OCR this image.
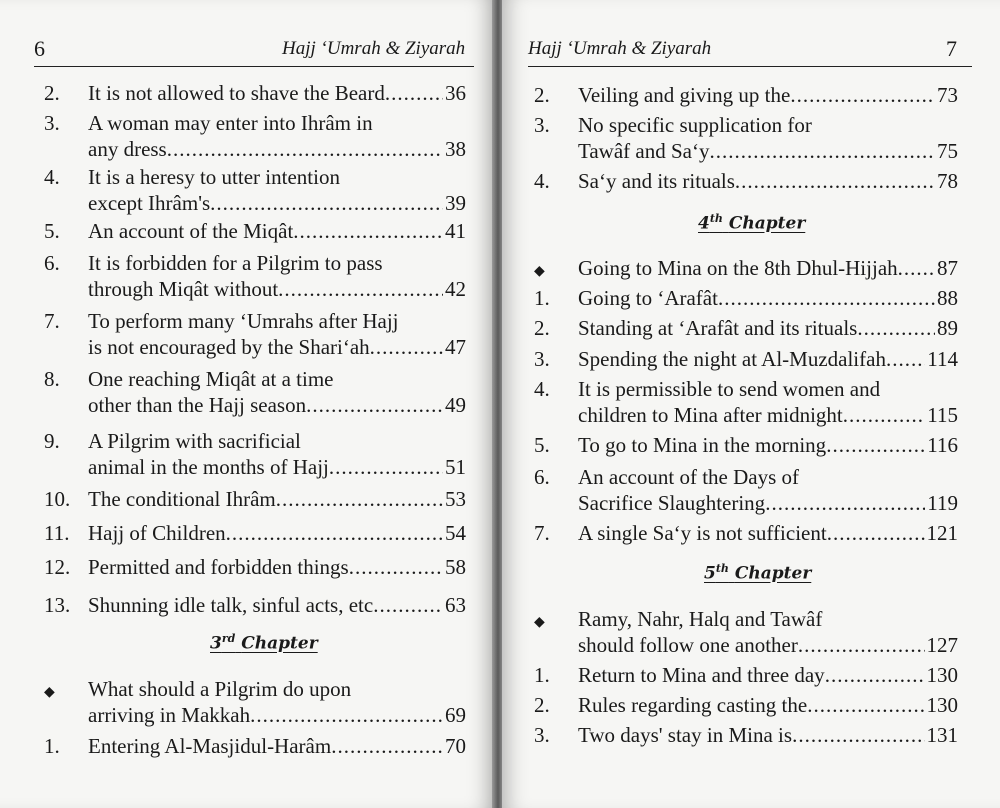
6	Hajj ‘Umrah & Ziyarah
2. It is not allowed to shave the Beard .....	36
3. A woman may enter into Ihrâm in
any dress .....	38
4. It is a heresy to utter intention
except Ihrâm's .....	39
5. An account of the Miqât .....	41
6. It is forbidden for a Pilgrim to pass
through Miqât without .....	42
7. To perform many ‘Umrahs after Hajj
is not encouraged by the Shari‘ah .....	47
8. One reaching Miqât at a time
other than the Hajj season .....	49
9. A Pilgrim with sacrificial
animal in the months of Hajj .....	51
10. The conditional Ihrâm .....	53
11. Hajj of Children .....	54
12. Permitted and forbidden things .....	58
13. Shunning idle talk, sinful acts, etc .....	63
◆ What should a Pilgrim do upon
arriving in Makkah .....	69
1. Entering Al-Masjidul-Harâm .....	70
3rd Chapter
Hajj ‘Umrah & Ziyarah	7
2. Veiling and giving up the .....	73
3. No specific supplication for
Tawâf and Sa‘y .....	75
4. Sa‘y and its rituals .....	78
◆ Going to Mina on the 8th Dhul-Hijjah ..... 87
1. Going to ‘Arafât .....	88
2. Standing at ‘Arafât and its rituals .....	89
3. Spending the night at Al-Muzdalifah ..... 114
4. It is permissible to send women and
children to Mina after midnight .....	115
5. To go to Mina in the morning .....	116
6. An account of the Days of
Sacrifice Slaughtering .....	119
7. A single Sa‘y is not sufficient .....	121
◆ Ramy, Nahr, Halq and Tawâf
should follow one another .....	127
1. Return to Mina and three day .....	130
2. Rules regarding casting the .....	130
3. Two days' stay in Mina is .....	131
4th Chapter
5th Chapter
